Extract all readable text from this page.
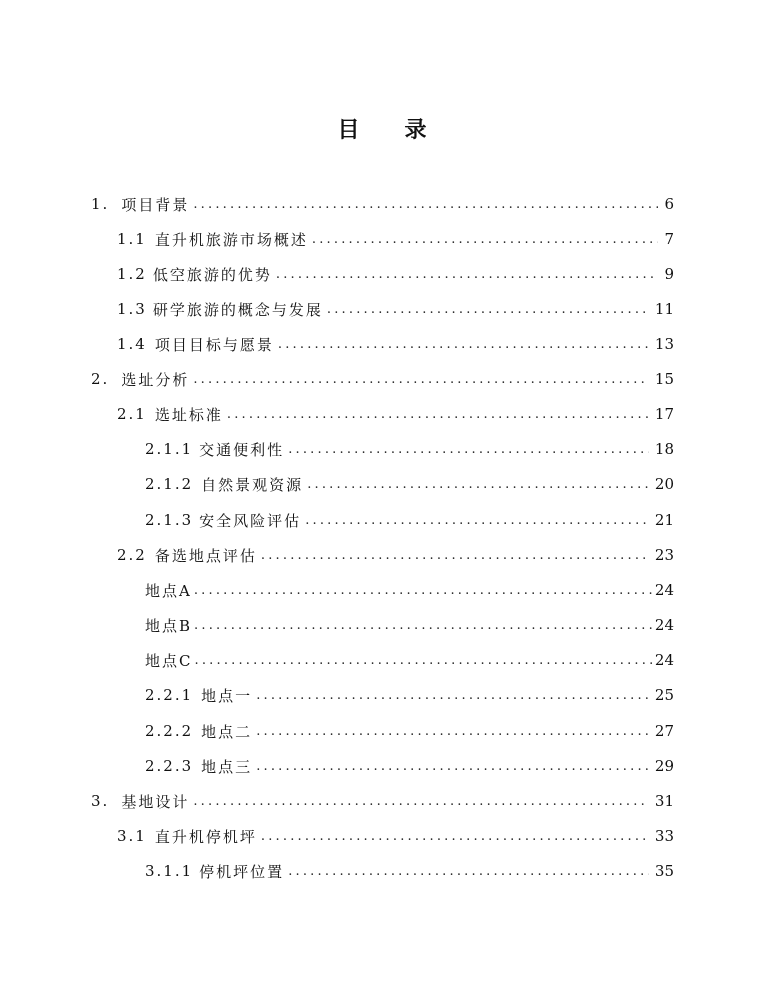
目 录
1. 项目背景 .....	6
1.1 直升机旅游市场概述 .....	7
1.2 低空旅游的优势 .....	9
1.3 研学旅游的概念与发展 .....	11
1.4 项目目标与愿景 .....	13
2. 选址分析 .....	15
2.1 选址标准 .....	17
2.1.1 交通便利性 .....	18
2.1.2 自然景观资源 .....	20
2.1.3 安全风险评估 .....	21
2.2 备选地点评估 .....	23
地点A .....	24
地点B .....	24
地点C .....	24
2.2.1 地点一 .....	25
2.2.2 地点二 .....	27
2.2.3 地点三 .....	29
3. 基地设计 .....	31
3.1 直升机停机坪 .....	33
3.1.1 停机坪位置 .....	35
